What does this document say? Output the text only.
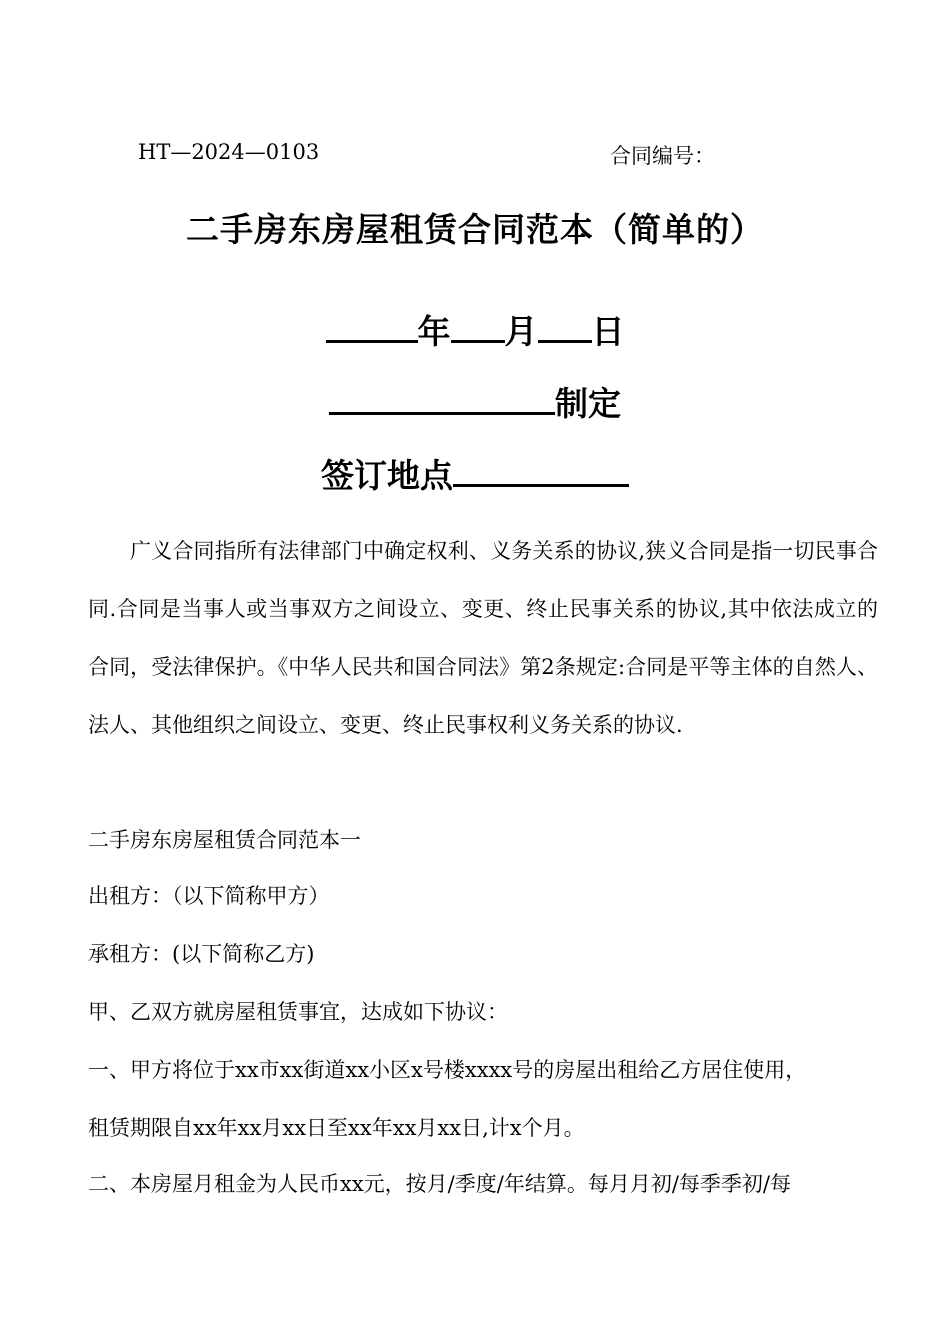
HT—2024—0103	合同编号：
二手房东房屋租赁合同范本（简单的）
年 月 日
制定
签订地点
广义合同指所有法律部门中确定权利、义务关系的协议,狭义合同是指一切民事合同.合同是当事人或当事双方之间设立、变更、终止民事关系的协议,其中依法成立的合同，受法律保护。《中华人民共和国合同法》第2条规定:合同是平等主体的自然人、法人、其他组织之间设立、变更、终止民事权利义务关系的协议.
二手房东房屋租赁合同范本一
出租方：（以下简称甲方）
承租方：(以下简称乙方)
甲、乙双方就房屋租赁事宜，达成如下协议：
一、甲方将位于xx市xx街道xx小区x号楼xxxx号的房屋出租给乙方居住使用，
租赁期限自xx年xx月xx日至xx年xx月xx日,计x个月。
二、本房屋月租金为人民币xx元，按月/季度/年结算。每月月初/每季季初/每
